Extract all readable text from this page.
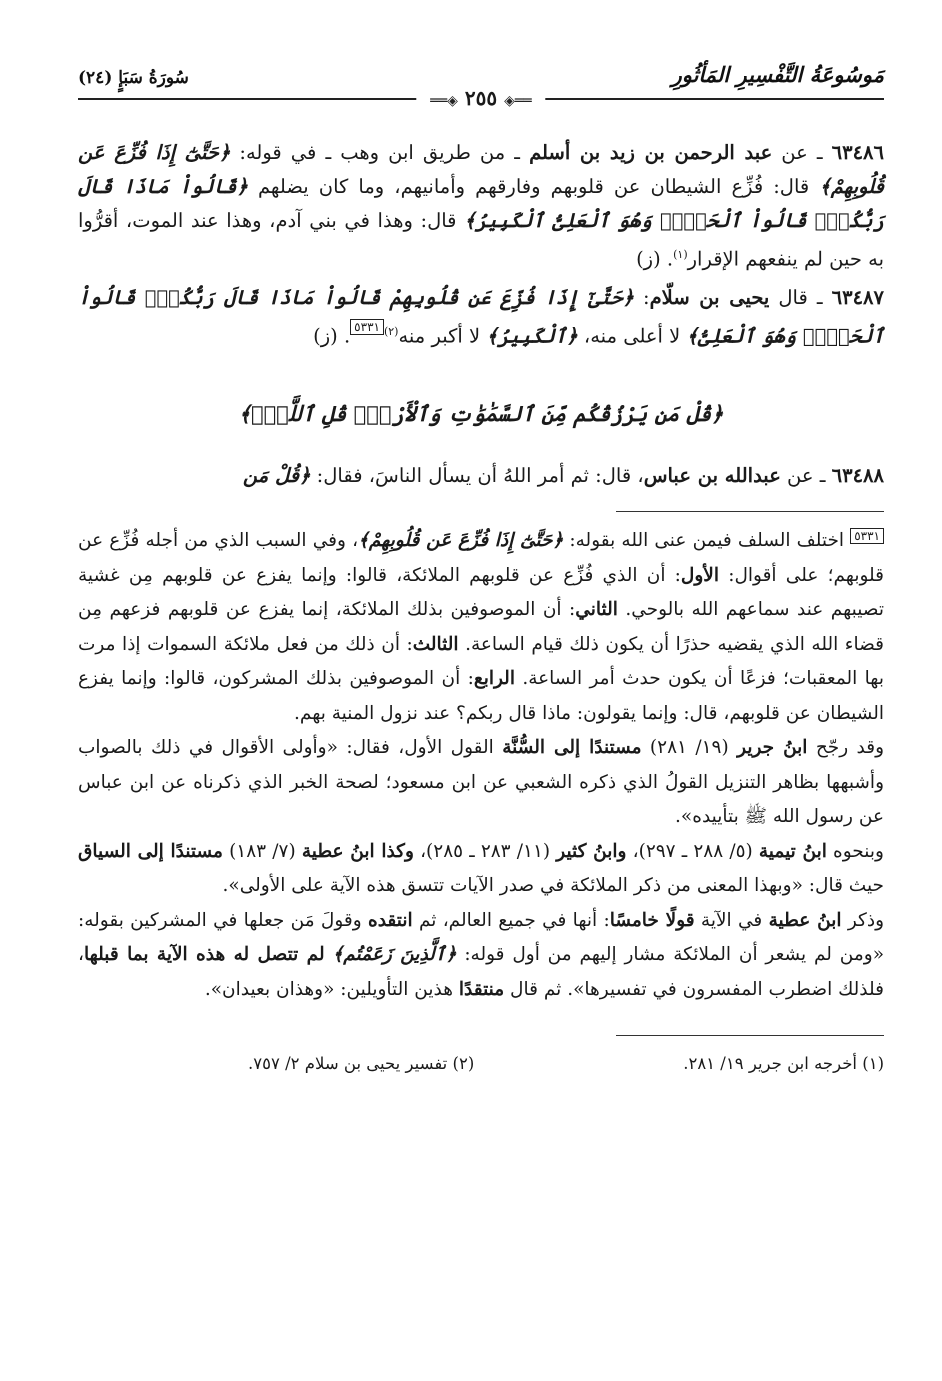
مَوسُوعَةُ التَّفْسِيرِ المَأثُورِ
سُورَةُ سَبَإٍ (٢٤)
══◈ ٢٥٥ ◈══

٦٣٤٨٦ ـ عن عبد الرحمن بن زيد بن أسلم ـ من طريق ابن وهب ـ في قوله: ﴿حَتَّىٰٓ إِذَا فُزِّعَ عَن قُلُوبِهِمْ﴾ قال: فُزِّع الشيطان عن قلوبهم وفارقهم وأمانيهم، وما كان يضلهم ﴿قَالُواْ مَاذَا قَالَ رَبُّكُمْۖ قَالُواْ ٱلْحَقَّۖ وَهُوَ ٱلْعَلِىُّ ٱلْكَبِيرُ﴾ قال: وهذا في بني آدم، وهذا عند الموت، أقرُّوا به حين لم ينفعهم الإقرار$^{(١)}$. (ز)

٦٣٤٨٧ ـ قال يحيى بن سلّام: ﴿حَتَّىٰٓ إِذَا فُزِّعَ عَن قُلُوبِهِمْ قَالُواْ مَاذَا قَالَ رَبُّكُمْۖ قَالُواْ ٱلْحَقَّۖ وَهُوَ ٱلْعَلِىُّ﴾ لا أعلى منه، ﴿ٱلْكَبِيرُ﴾ لا أكبر منه$^{(٢)}$٥٣٣١. (ز)

﴿قُلْ مَن يَرْزُقُكُم مِّنَ ٱلسَّمَٰوَٰتِ وَٱلْأَرْضِۖ قُلِ ٱللَّهُۖ﴾

٦٣٤٨٨ ـ عن عبدالله بن عباس، قال: ثم أمر اللهُ أن يسأل الناسَ، فقال: ﴿قُلْ مَن

٥٣٣١ اختلف السلف فيمن عنى الله بقوله: ﴿حَتَّىٰٓ إِذَا فُزِّعَ عَن قُلُوبِهِمْ﴾، وفي السبب الذي من أجله فُزِّع عن قلوبهم؛ على أقوال: الأول: أن الذي فُزِّع عن قلوبهم الملائكة، قالوا: وإنما يفزع عن قلوبهم مِن غشية تصيبهم عند سماعهم الله بالوحي. الثاني: أن الموصوفين بذلك الملائكة، إنما يفزع عن قلوبهم فزعهم مِن قضاء الله الذي يقضيه حذرًا أن يكون ذلك قيام الساعة. الثالث: أن ذلك من فعل ملائكة السموات إذا مرت بها المعقبات؛ فزعًا أن يكون حدث أمر الساعة. الرابع: أن الموصوفين بذلك المشركون، قالوا: وإنما يفزع الشيطان عن قلوبهم، قال: وإنما يقولون: ماذا قال ربكم؟ عند نزول المنية بهم.

وقد رجّح ابنُ جرير (١٩/ ٢٨١) مستندًا إلى السُّنَّة القول الأول، فقال: «وأولى الأقوال في ذلك بالصواب وأشبهها بظاهر التنزيل القولُ الذي ذكره الشعبي عن ابن مسعود؛ لصحة الخبر الذي ذكرناه عن ابن عباس عن رسول الله ﷺ بتأييده».

وبنحوه ابنُ تيمية (٥/ ٢٨٨ ـ ٢٩٧)، وابنُ كثير (١١/ ٢٨٣ ـ ٢٨٥)، وكذا ابنُ عطية (٧/ ١٨٣) مستندًا إلى السياق حيث قال: «وبهذا المعنى من ذكر الملائكة في صدر الآيات تتسق هذه الآية على الأولى».

وذكر ابنُ عطية في الآية قولًا خامسًا: أنها في جميع العالم، ثم انتقده وقولَ مَن جعلها في المشركين بقوله: «ومن لم يشعر أن الملائكة مشار إليهم من أول قوله: ﴿ٱلَّذِينَ زَعَمْتُم﴾ لم تتصل له هذه الآية بما قبلها، فلذلك اضطرب المفسرون في تفسيرها». ثم قال منتقدًا هذين التأويلين: «وهذان بعيدان».

(١) أخرجه ابن جرير ١٩/ ٢٨١.
(٢) تفسير يحيى بن سلام ٢/ ٧٥٧.
